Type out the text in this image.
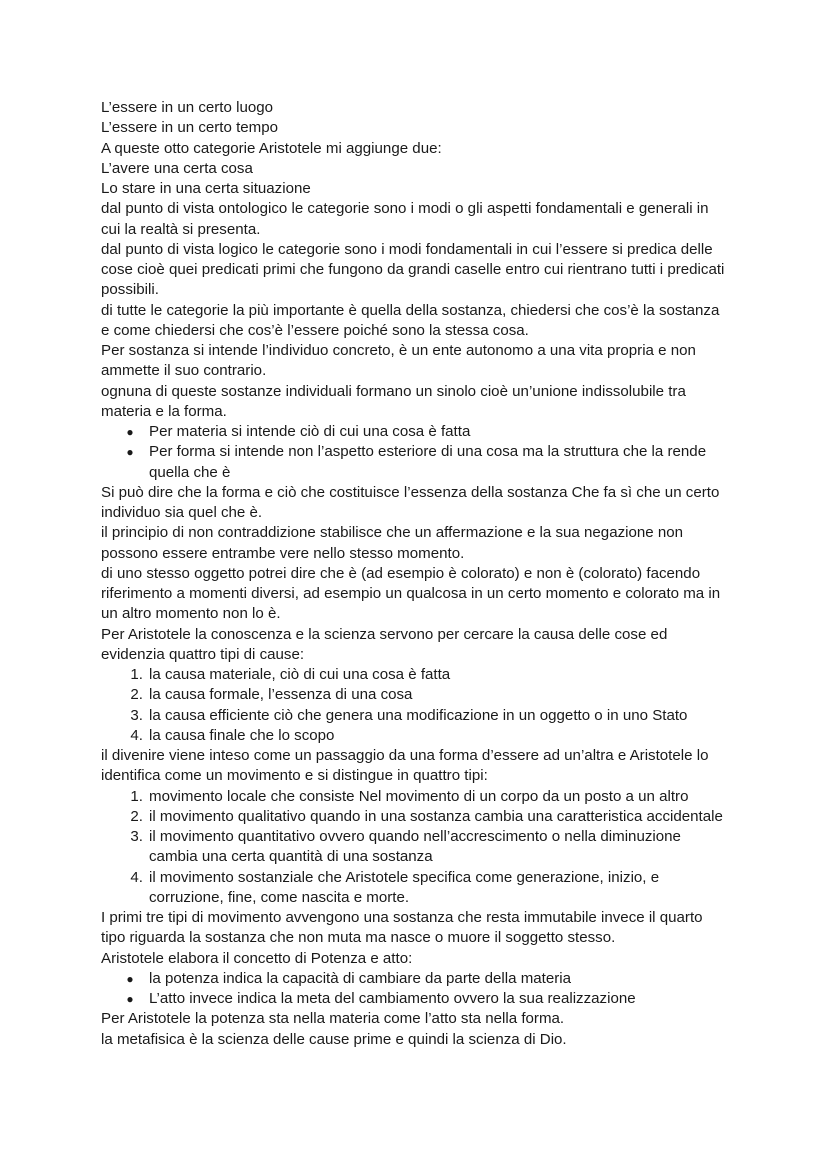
L’essere in un certo luogo

L’essere in un certo tempo

A queste otto categorie Aristotele mi aggiunge due:

L’avere una certa cosa

Lo stare in una certa situazione

dal punto di vista ontologico le categorie sono i modi o gli aspetti fondamentali e generali in cui la realtà si presenta.

dal punto di vista logico le categorie sono i modi fondamentali in cui l’essere si predica delle cose cioè quei predicati primi che fungono da grandi caselle entro cui rientrano tutti i predicati possibili.

di tutte le categorie la più importante è quella della sostanza, chiedersi che cos’è la sostanza e come chiedersi che cos’è l’essere poiché sono la stessa cosa.

Per sostanza si intende l’individuo concreto, è un ente autonomo a una vita propria e non ammette il suo contrario.

ognuna di queste sostanze individuali formano un sinolo cioè un’unione indissolubile tra materia e la forma.

● Per materia si intende ciò di cui una cosa è fatta
● Per forma si intende non l’aspetto esteriore di una cosa ma la struttura che la rende quella che è

Si può dire che la forma e ciò che costituisce l’essenza della sostanza Che fa sì che un certo individuo sia quel che è.

il principio di non contraddizione stabilisce che un affermazione e la sua negazione non possono essere entrambe vere nello stesso momento.

di uno stesso oggetto potrei dire che è (ad esempio è colorato) e non è (colorato) facendo riferimento a momenti diversi, ad esempio un qualcosa in un certo momento e colorato ma in un altro momento non lo è.

Per Aristotele la conoscenza e la scienza servono per cercare la causa delle cose ed evidenzia quattro tipi di cause:

1. la causa materiale, ciò di cui una cosa è fatta
2. la causa formale, l’essenza di una cosa
3. la causa efficiente ciò che genera una modificazione in un oggetto o in uno Stato
4. la causa finale che lo scopo

il divenire viene inteso come un passaggio da una forma d’essere ad un’altra e Aristotele lo identifica come un movimento e si distingue in quattro tipi:

1. movimento locale che consiste Nel movimento di un corpo da un posto a un altro
2. il movimento qualitativo quando in una sostanza cambia una caratteristica accidentale
3. il movimento quantitativo ovvero quando nell’accrescimento o nella diminuzione cambia una certa quantità di una sostanza
4. il movimento sostanziale che Aristotele specifica come generazione, inizio, e corruzione, fine, come nascita e morte.

I primi tre tipi di movimento avvengono una sostanza che resta immutabile invece il quarto tipo riguarda la sostanza che non muta ma nasce o muore il soggetto stesso.

Aristotele elabora il concetto di Potenza e atto:

● la potenza indica la capacità di cambiare da parte della materia
● L’atto invece indica la meta del cambiamento ovvero la sua realizzazione

Per Aristotele la potenza sta nella materia come l’atto sta nella forma.

la metafisica è la scienza delle cause prime e quindi la scienza di Dio.
